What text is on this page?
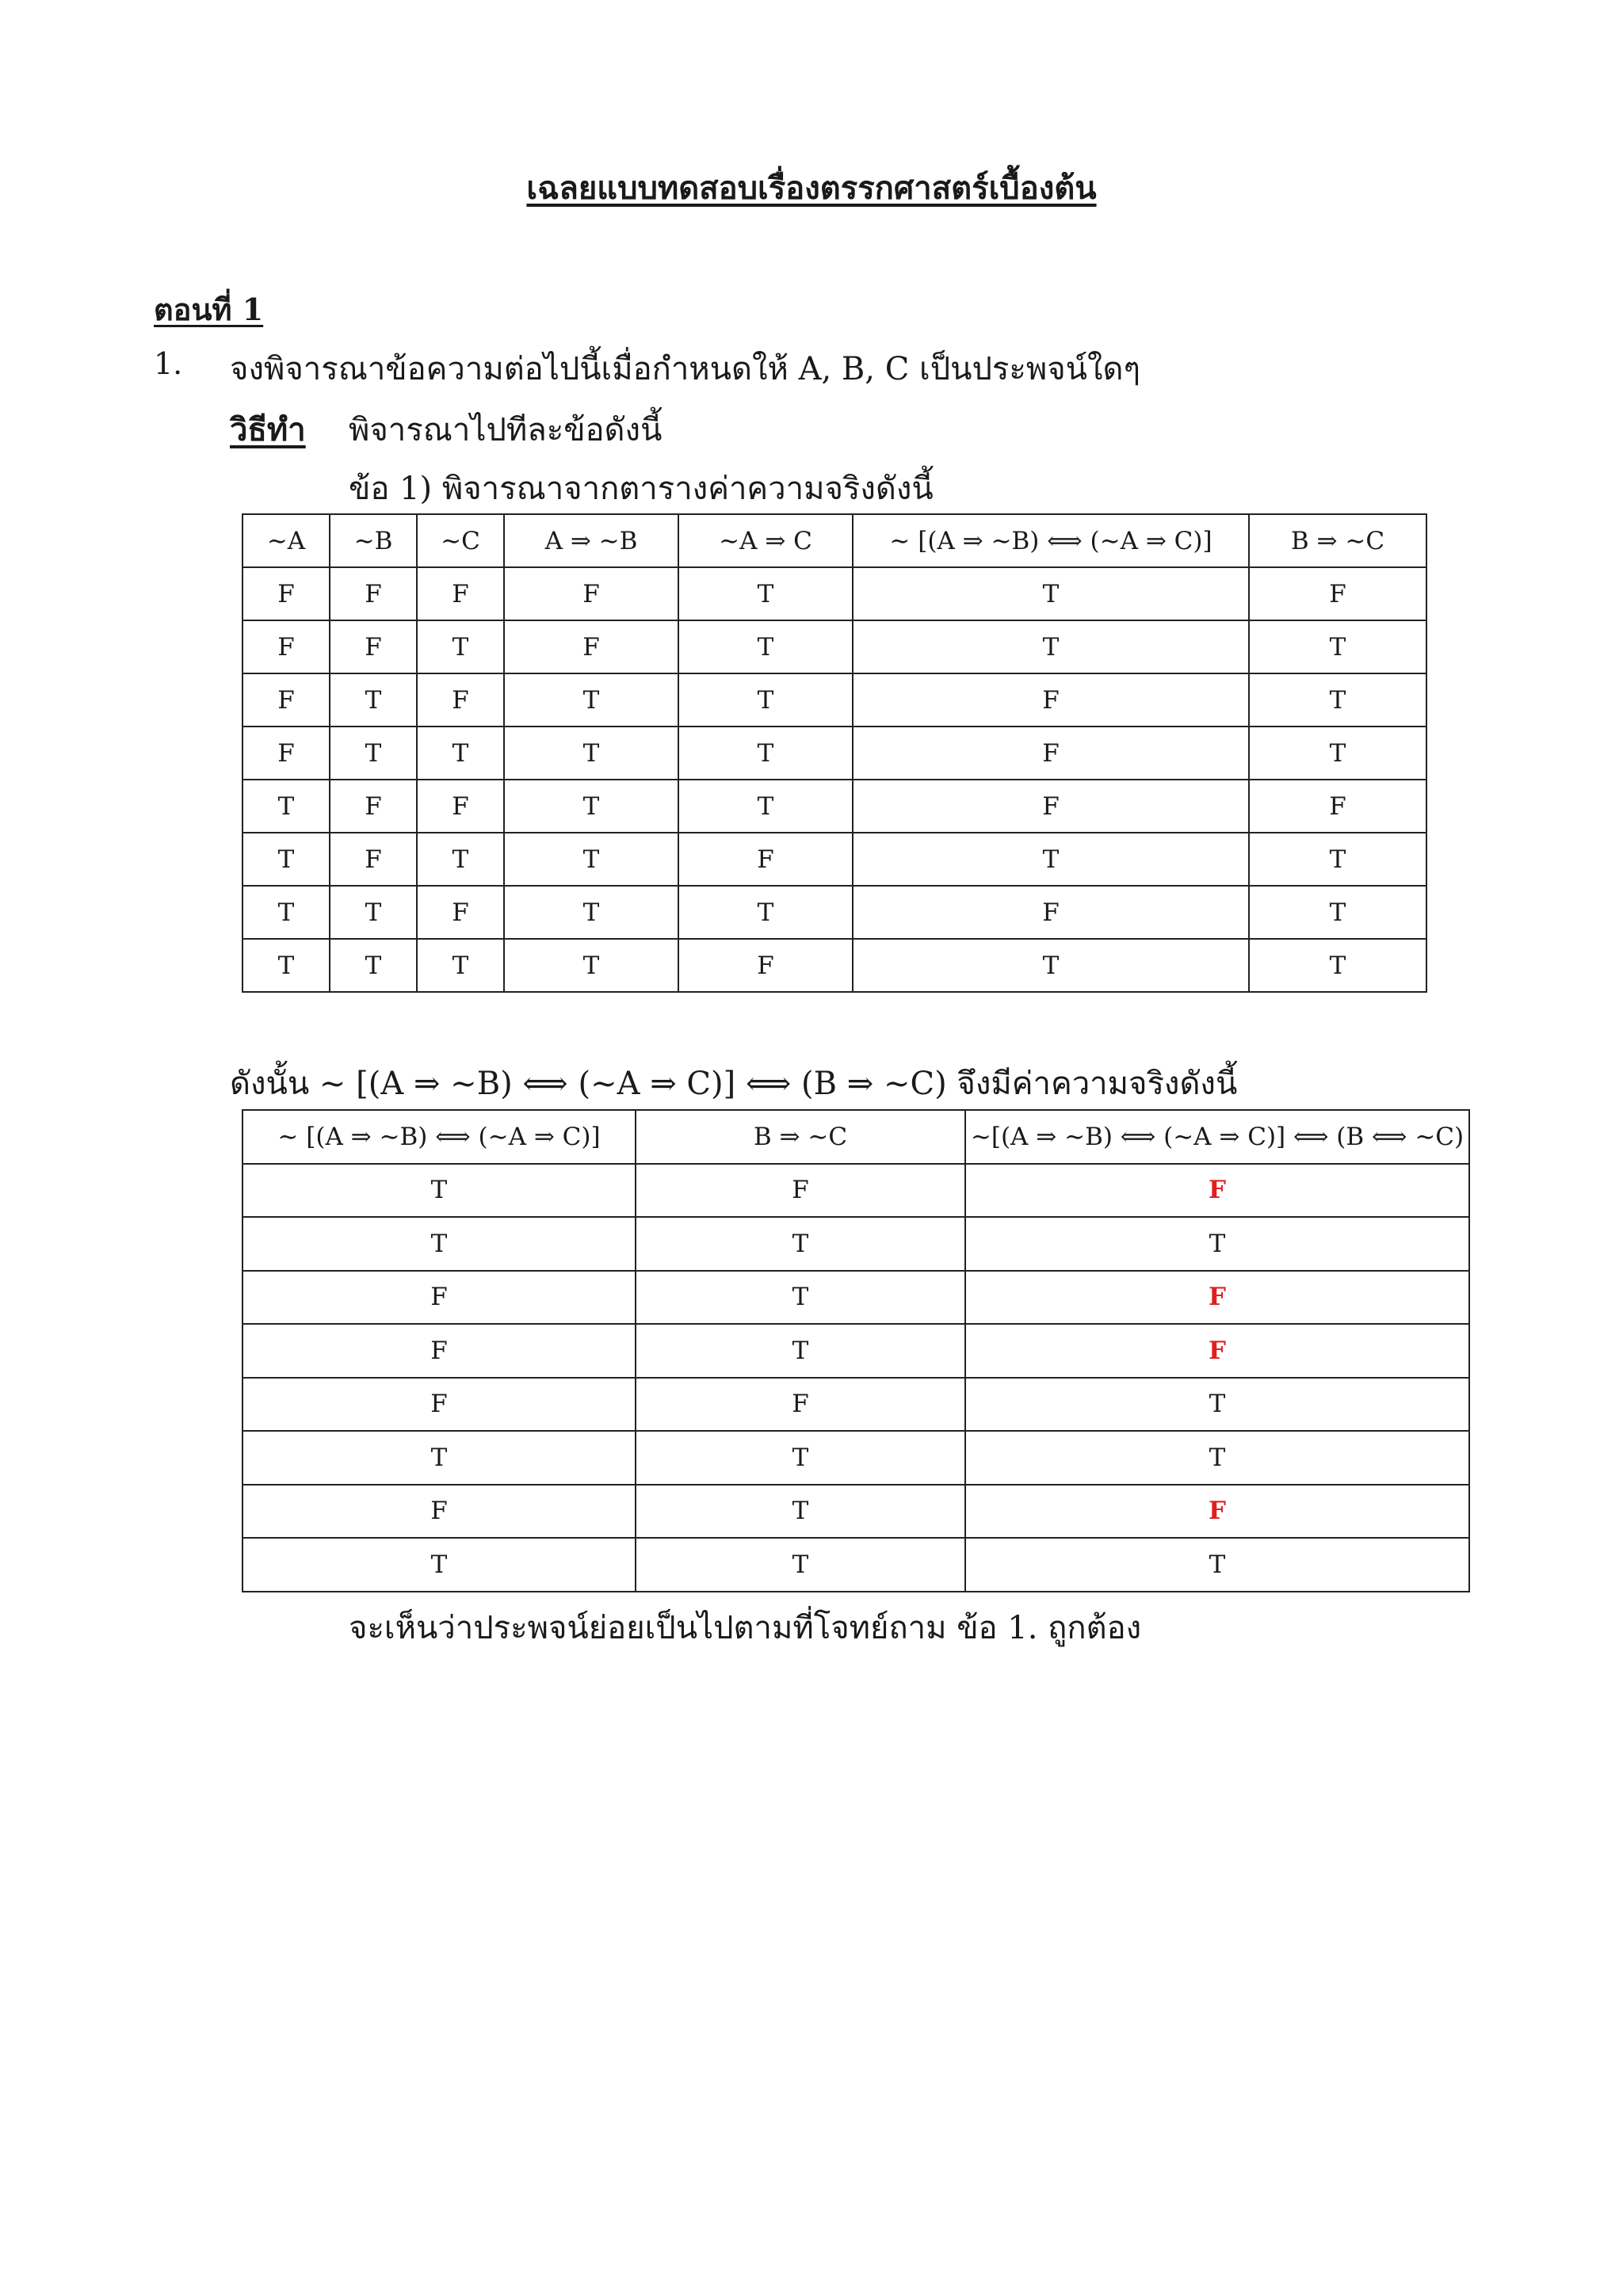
เฉลยแบบทดสอบเรื่องตรรกศาสตร์เบื้องต้น
ตอนที่ 1
1. จงพิจารณาข้อความต่อไปนี้เมื่อกำหนดให้ A, B, C เป็นประพจน์ใดๆ
วิธีทำ พิจารณาไปทีละข้อดังนี้
ข้อ 1) พิจารณาจากตารางค่าความจริงดังนี้
∼A	∼B	∼C	A ⇒ ∼B	∼A ⇒ C	∼ [(A ⇒ ∼B) ⟺ (∼A ⇒ C)]	B ⇒ ∼C
F	F	F	F	T	T	F
F	F	T	F	T	T	T
F	T	F	T	T	F	T
F	T	T	T	T	F	T
T	F	F	T	T	F	F
T	F	T	T	F	T	T
T	T	F	T	T	F	T
T	T	T	T	F	T	T
ดังนั้น ∼ [(A ⇒ ∼B) ⟺ (∼A ⇒ C)] ⟺ (B ⇒ ∼C) จึงมีค่าความจริงดังนี้
∼ [(A ⇒ ∼B) ⟺ (∼A ⇒ C)]	B ⇒ ∼C	∼[(A ⇒ ∼B) ⟺ (∼A ⇒ C)] ⟺ (B ⟺ ∼C)
T	F	F
T	T	T
F	T	F
F	T	F
F	F	T
T	T	T
F	T	F
T	T	T
จะเห็นว่าประพจน์ย่อยเป็นไปตามที่โจทย์ถาม ข้อ 1. ถูกต้อง
